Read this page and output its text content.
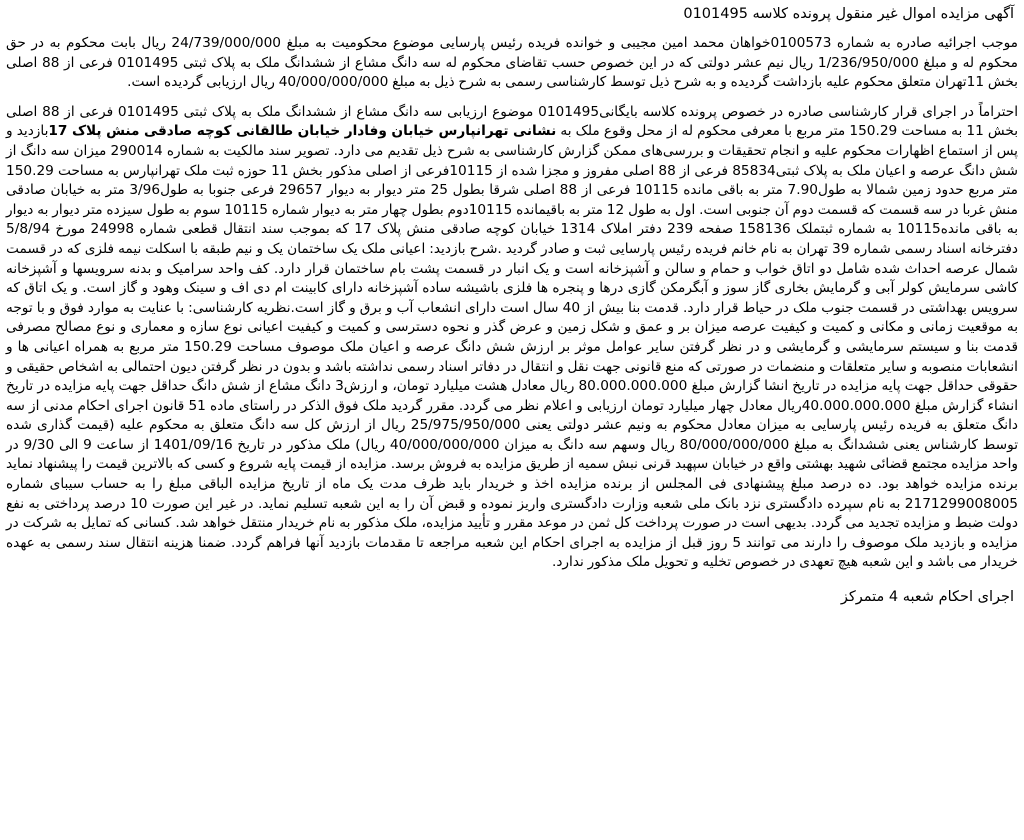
آگهی مزایده اموال غیر منقول پرونده کلاسه 0101495

موجب اجرائیه صادره به شماره 0100573خواهان محمد امین مجیبی و خوانده فریده رئیس پارسایی موضوع محکومیت به مبلغ 24/739/000/000 ریال بابت محکوم به در حق محکوم له و مبلغ 1/236/950/000 ریال نیم عشر دولتی که در این خصوص حسب تقاضای محکوم له سه دانگ مشاع از ششدانگ ملک به پلاک ثبتی 0101495 فرعی از 88 اصلی بخش 11تهران متعلق محکوم علیه بازداشت گردیده و به شرح ذیل توسط کارشناسی رسمی به شرح ذیل به مبلغ 40/000/000/000 ریال ارزیابی گردیده است.

احتراماً در اجرای قرار کارشناسی صادره در خصوص پرونده کلاسه بایگانی0101495 موضوع ارزیابی سه دانگ مشاع از ششدانگ ملک به پلاک ثبتی 0101495 فرعی از 88 اصلی بخش 11 به مساحت 150.29 متر مربع با معرفی محکوم له از محل وقوع ملک به نشانی تهرانپارس خیابان وفادار خیابان طالقانی کوچه صادقی منش پلاک 17بازدید و پس از استماع اظهارات محکوم علیه و انجام تحقیقات و بررسی‌های ممکن گزارش کارشناسی به شرح ذیل تقدیم می دارد. تصویر سند مالکیت به شماره 290014 میزان سه دانگ از شش دانگ عرصه و اعیان ملک به پلاک ثبتی85834 فرعی از 88 اصلی مفروز و مجزا شده از 10115فرعی از اصلی مذکور بخش 11 حوزه ثبت ملک تهرانپارس به مساحت 150.29 متر مربع حدود زمین شمالا به طول7.90 متر به باقی مانده 10115 فرعی از 88 اصلی شرقا بطول 25 متر دیوار به دیوار 29657 فرعی جنوبا به طول3/96 متر به خیابان صادقی منش غربا در سه قسمت که قسمت دوم آن جنوبی است. اول به طول 12 متر به باقیمانده 10115دوم بطول چهار متر به دیوار شماره 10115 سوم به طول سیزده متر دیوار به دیوار به باقی مانده10115 به شماره ثبتملک 158136 صفحه 239 دفتر املاک 1314 خیابان کوچه صادقی منش پلاک 17 که بموجب سند انتقال قطعی شماره 24998 مورخ 5/8/94 دفترخانه اسناد رسمی شماره 39 تهران به نام خانم فریده رئیس پارسایی ثبت و صادر گردید .شرح بازدید: اعیانی ملک یک ساختمان یک و نیم طبقه با اسکلت نیمه فلزی که در قسمت شمال عرصه احداث شده شامل دو اتاق خواب و حمام و سالن و آشپزخانه است و یک انبار در قسمت پشت بام ساختمان قرار دارد. کف واحد سرامیک و بدنه سرویسها و آشپزخانه کاشی سرمایش کولر آبی و گرمایش بخاری گاز سوز و آبگرمکن گازی درها و پنجره ها فلزی باشیشه ساده آشپزخانه دارای کابینت ام دی اف و سینک وهود و گاز است. و یک اتاق که سرویس بهداشتی در قسمت جنوب ملک در حیاط قرار دارد. قدمت بنا بیش از 40 سال است دارای انشعاب آب و برق و گاز است.نظریه کارشناسی: با عنایت به موارد فوق و با توجه به موقعیت زمانی و مکانی و کمیت و کیفیت عرصه میزان بر و عمق و شکل زمین و عرض گذر و نحوه دسترسی و کمیت و کیفیت اعیانی نوع سازه و معماری و نوع مصالح مصرفی قدمت بنا و سیستم سرمایشی و گرمایشی و در نظر گرفتن سایر عوامل موثر بر ارزش شش دانگ عرصه و اعیان ملک موصوف مساحت 150.29 متر مربع به همراه اعیانی ها و انشعابات منصوبه و سایر متعلقات و منضمات در صورتی که منع قانونی جهت نقل و انتقال در دفاتر اسناد رسمی نداشته باشد و بدون در نظر گرفتن دیون احتمالی به اشخاص حقیقی و حقوقی حداقل جهت پایه مزایده در تاریخ انشا گزارش مبلغ 80.000.000.000 ریال معادل هشت میلیارد تومان، و ارزش3 دانگ مشاع از شش دانگ حداقل جهت پایه مزایده در تاریخ انشاء گزارش مبلغ 40.000.000.000ریال معادل چهار میلیارد تومان ارزیابی و اعلام نظر می گردد. مقرر گردید ملک فوق الذکر در راستای ماده 51 قانون اجرای احکام مدنی از سه دانگ متعلق به فریده رئیس پارسایی به میزان معادل محکوم به ونیم عشر دولتی یعنی 25/975/950/000 ریال از ارزش کل سه دانگ متعلق به محکوم علیه (قیمت گذاری شده توسط کارشناس یعنی ششدانگ به مبلغ 80/000/000/000 ریال وسهم سه دانگ به میزان 40/000/000/000 ریال) ملک مذکور در تاریخ 1401/09/16 از ساعت 9 الی 9/30 در واحد مزایده مجتمع قضائی شهید بهشتی واقع در خیابان سپهبد قرنی نبش سمیه از طریق مزایده به فروش برسد. مزایده از قیمت پایه شروع و کسی که بالاترین قیمت را پیشنهاد نماید برنده مزایده خواهد بود. ده درصد مبلغ پیشنهادی فی المجلس از برنده مزایده اخذ و خریدار باید ظرف مدت یک ماه از تاریخ مزایده الباقی مبلغ را به حساب سیبای شماره 2171299008005 به نام سپرده دادگستری نزد بانک ملی شعبه وزارت دادگستری واریز نموده و قبض آن را به این شعبه تسلیم نماید. در غیر این صورت 10 درصد پرداختی به نفع دولت ضبط و مزایده تجدید می گردد. بدیهی است در صورت پرداخت کل ثمن در موعد مقرر و تأیید مزایده، ملک مذکور به نام خریدار منتقل خواهد شد. کسانی که تمایل به شرکت در مزایده و بازدید ملک موصوف را دارند می توانند 5 روز قبل از مزایده به اجرای احکام این شعبه مراجعه تا مقدمات بازدید آنها فراهم گردد. ضمنا هزینه انتقال سند رسمی به عهده خریدار می باشد و این شعبه هیچ تعهدی در خصوص تخلیه و تحویل ملک مذکور ندارد.

اجرای احکام شعبه 4 متمرکز
